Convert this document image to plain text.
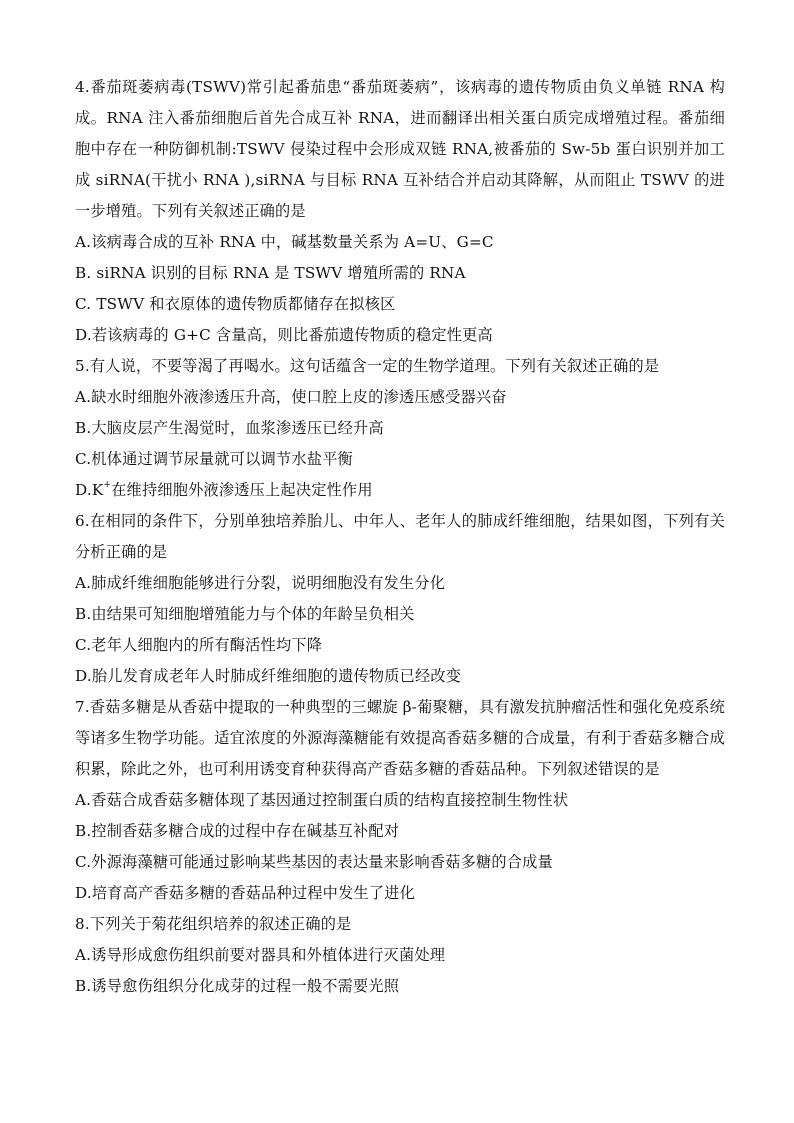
4.番茄斑萎病毒(TSWV)常引起番茄患“番茄斑萎病”，该病毒的遗传物质由负义单链 RNA 构成。RNA 注入番茄细胞后首先合成互补 RNA，进而翻译出相关蛋白质完成增殖过程。番茄细胞中存在一种防御机制:TSWV 侵染过程中会形成双链 RNA,被番茄的 Sw-5b 蛋白识别并加工成 siRNA(干扰小 RNA ),siRNA 与目标 RNA 互补结合并启动其降解，从而阻止 TSWV 的进一步增殖。下列有关叙述正确的是

A.该病毒合成的互补 RNA 中，碱基数量关系为 A=U、G=C

B. siRNA 识别的目标 RNA 是 TSWV 增殖所需的 RNA

C. TSWV 和衣原体的遗传物质都储存在拟核区

D.若该病毒的 G+C 含量高，则比番茄遗传物质的稳定性更高

5.有人说，不要等渴了再喝水。这句话蕴含一定的生物学道理。下列有关叙述正确的是

A.缺水时细胞外液渗透压升高，使口腔上皮的渗透压感受器兴奋

B.大脑皮层产生渴觉时，血浆渗透压已经升高

C.机体通过调节尿量就可以调节水盐平衡

D.K+在维持细胞外液渗透压上起决定性作用

6.在相同的条件下，分别单独培养胎儿、中年人、老年人的肺成纤维细胞，结果如图，下列有关分析正确的是

A.肺成纤维细胞能够进行分裂，说明细胞没有发生分化

B.由结果可知细胞增殖能力与个体的年龄呈负相关

C.老年人细胞内的所有酶活性均下降

D.胎儿发育成老年人时肺成纤维细胞的遗传物质已经改变

7.香菇多糖是从香菇中提取的一种典型的三螺旋 β-葡聚糖，具有激发抗肿瘤活性和强化免疫系统等诸多生物学功能。适宜浓度的外源海藻糖能有效提高香菇多糖的合成量，有利于香菇多糖合成积累，除此之外，也可利用诱变育种获得高产香菇多糖的香菇品种。下列叙述错误的是

A.香菇合成香菇多糖体现了基因通过控制蛋白质的结构直接控制生物性状

B.控制香菇多糖合成的过程中存在碱基互补配对

C.外源海藻糖可能通过影响某些基因的表达量来影响香菇多糖的合成量

D.培育高产香菇多糖的香菇品种过程中发生了进化

8.下列关于菊花组织培养的叙述正确的是

A.诱导形成愈伤组织前要对器具和外植体进行灭菌处理

B.诱导愈伤组织分化成芽的过程一般不需要光照
